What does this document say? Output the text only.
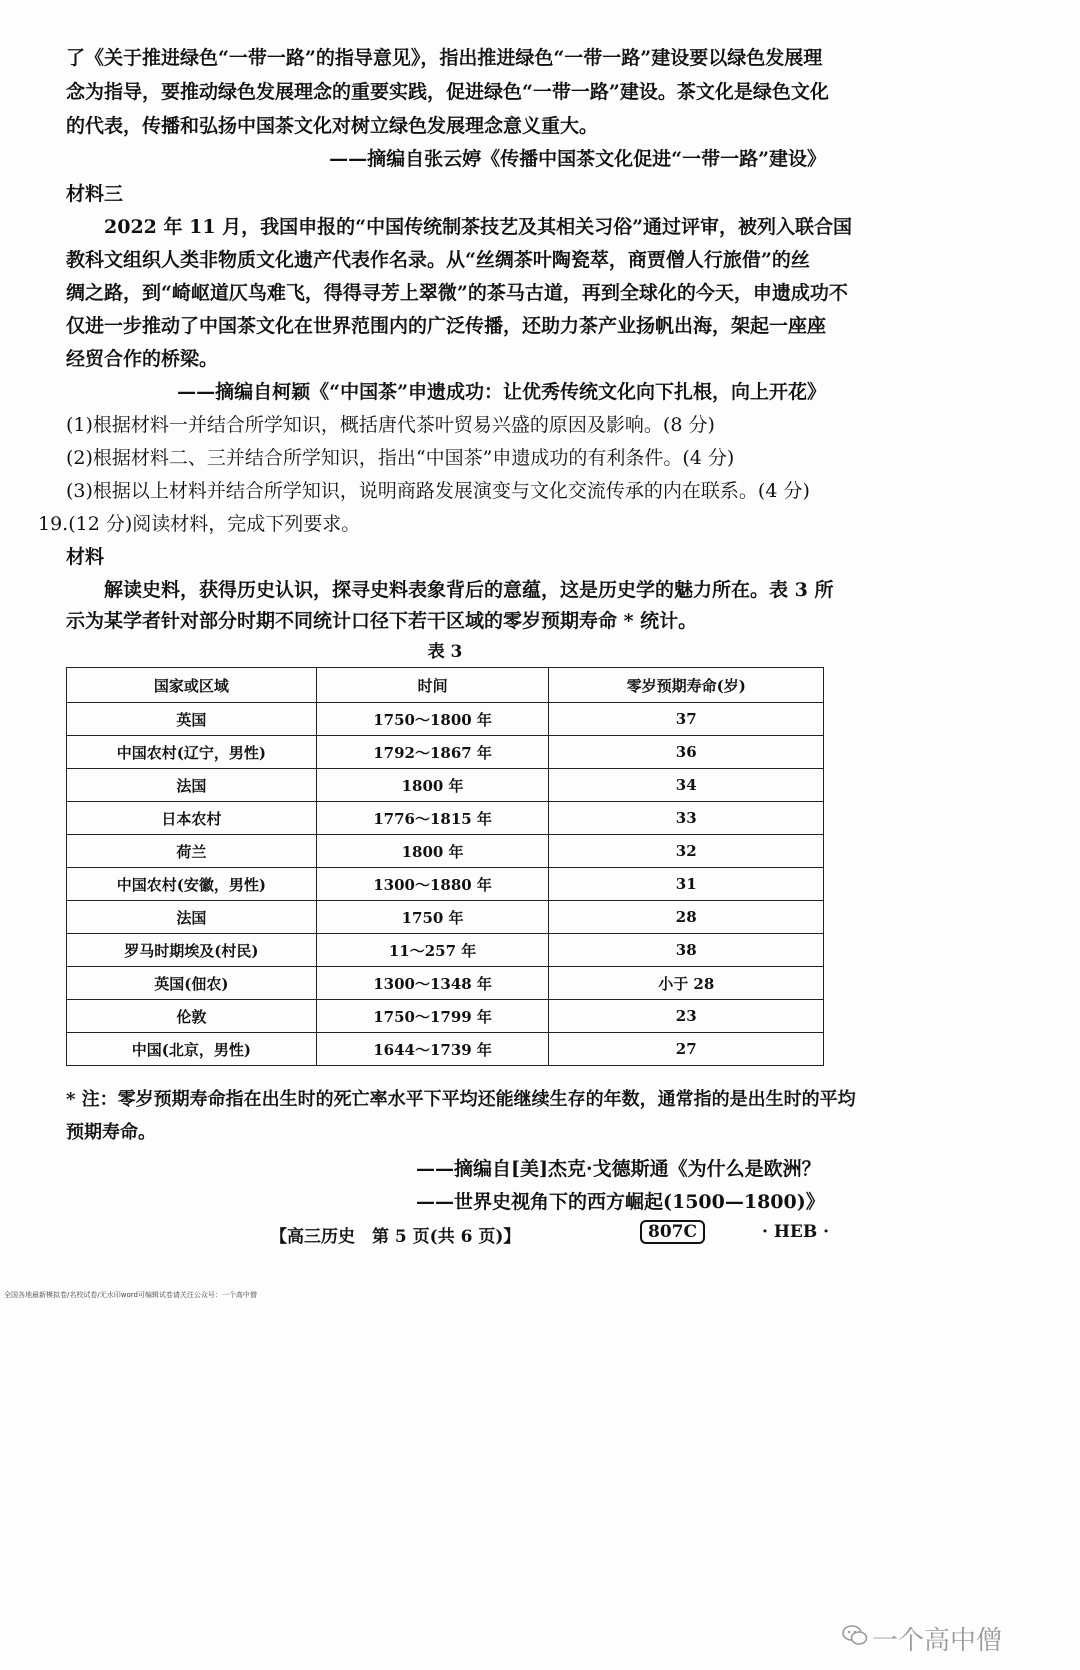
了《关于推进绿色“一带一路”的指导意见》，指出推进绿色“一带一路”建设要以绿色发展理
念为指导，要推动绿色发展理念的重要实践，促进绿色“一带一路”建设。茶文化是绿色文化
的代表，传播和弘扬中国茶文化对树立绿色发展理念意义重大。
——摘编自张云婷《传播中国茶文化促进“一带一路”建设》
材料三
2022 年 11 月，我国申报的“中国传统制茶技艺及其相关习俗”通过评审，被列入联合国
教科文组织人类非物质文化遗产代表作名录。从“丝绸茶叶陶瓷萃，商贾僧人行旅借”的丝
绸之路，到“崎岖道仄鸟难飞，得得寻芳上翠微”的茶马古道，再到全球化的今天，申遗成功不
仅进一步推动了中国茶文化在世界范围内的广泛传播，还助力茶产业扬帆出海，架起一座座
经贸合作的桥梁。
——摘编自柯颖《“中国茶”申遗成功：让优秀传统文化向下扎根，向上开花》
(1)根据材料一并结合所学知识，概括唐代茶叶贸易兴盛的原因及影响。(8 分)
(2)根据材料二、三并结合所学知识，指出“中国茶”申遗成功的有利条件。(4 分)
(3)根据以上材料并结合所学知识，说明商路发展演变与文化交流传承的内在联系。(4 分)
19.(12 分)阅读材料，完成下列要求。
材料
解读史料，获得历史认识，探寻史料表象背后的意蕴，这是历史学的魅力所在。表 3 所
示为某学者针对部分时期不同统计口径下若干区域的零岁预期寿命 * 统计。
表 3
国家或区域	时间	零岁预期寿命(岁)
英国	1750～1800 年	37
中国农村(辽宁，男性)	1792～1867 年	36
法国	1800 年	34
日本农村	1776～1815 年	33
荷兰	1800 年	32
中国农村(安徽，男性)	1300～1880 年	31
法国	1750 年	28
罗马时期埃及(村民)	11～257 年	38
英国(佃农)	1300～1348 年	小于 28
伦敦	1750～1799 年	23
中国(北京，男性)	1644～1739 年	27
* 注：零岁预期寿命指在出生时的死亡率水平下平均还能继续生存的年数，通常指的是出生时的平均
预期寿命。
——摘编自[美]杰克·戈德斯通《为什么是欧洲？
——世界史视角下的西方崛起(1500—1800)》
【高三历史　第 5 页(共 6 页)】	807C	· HEB ·
全国各地最新模拟卷/名校试卷/无水印word可编辑试卷请关注公众号：一个高中僧
一个高中僧
